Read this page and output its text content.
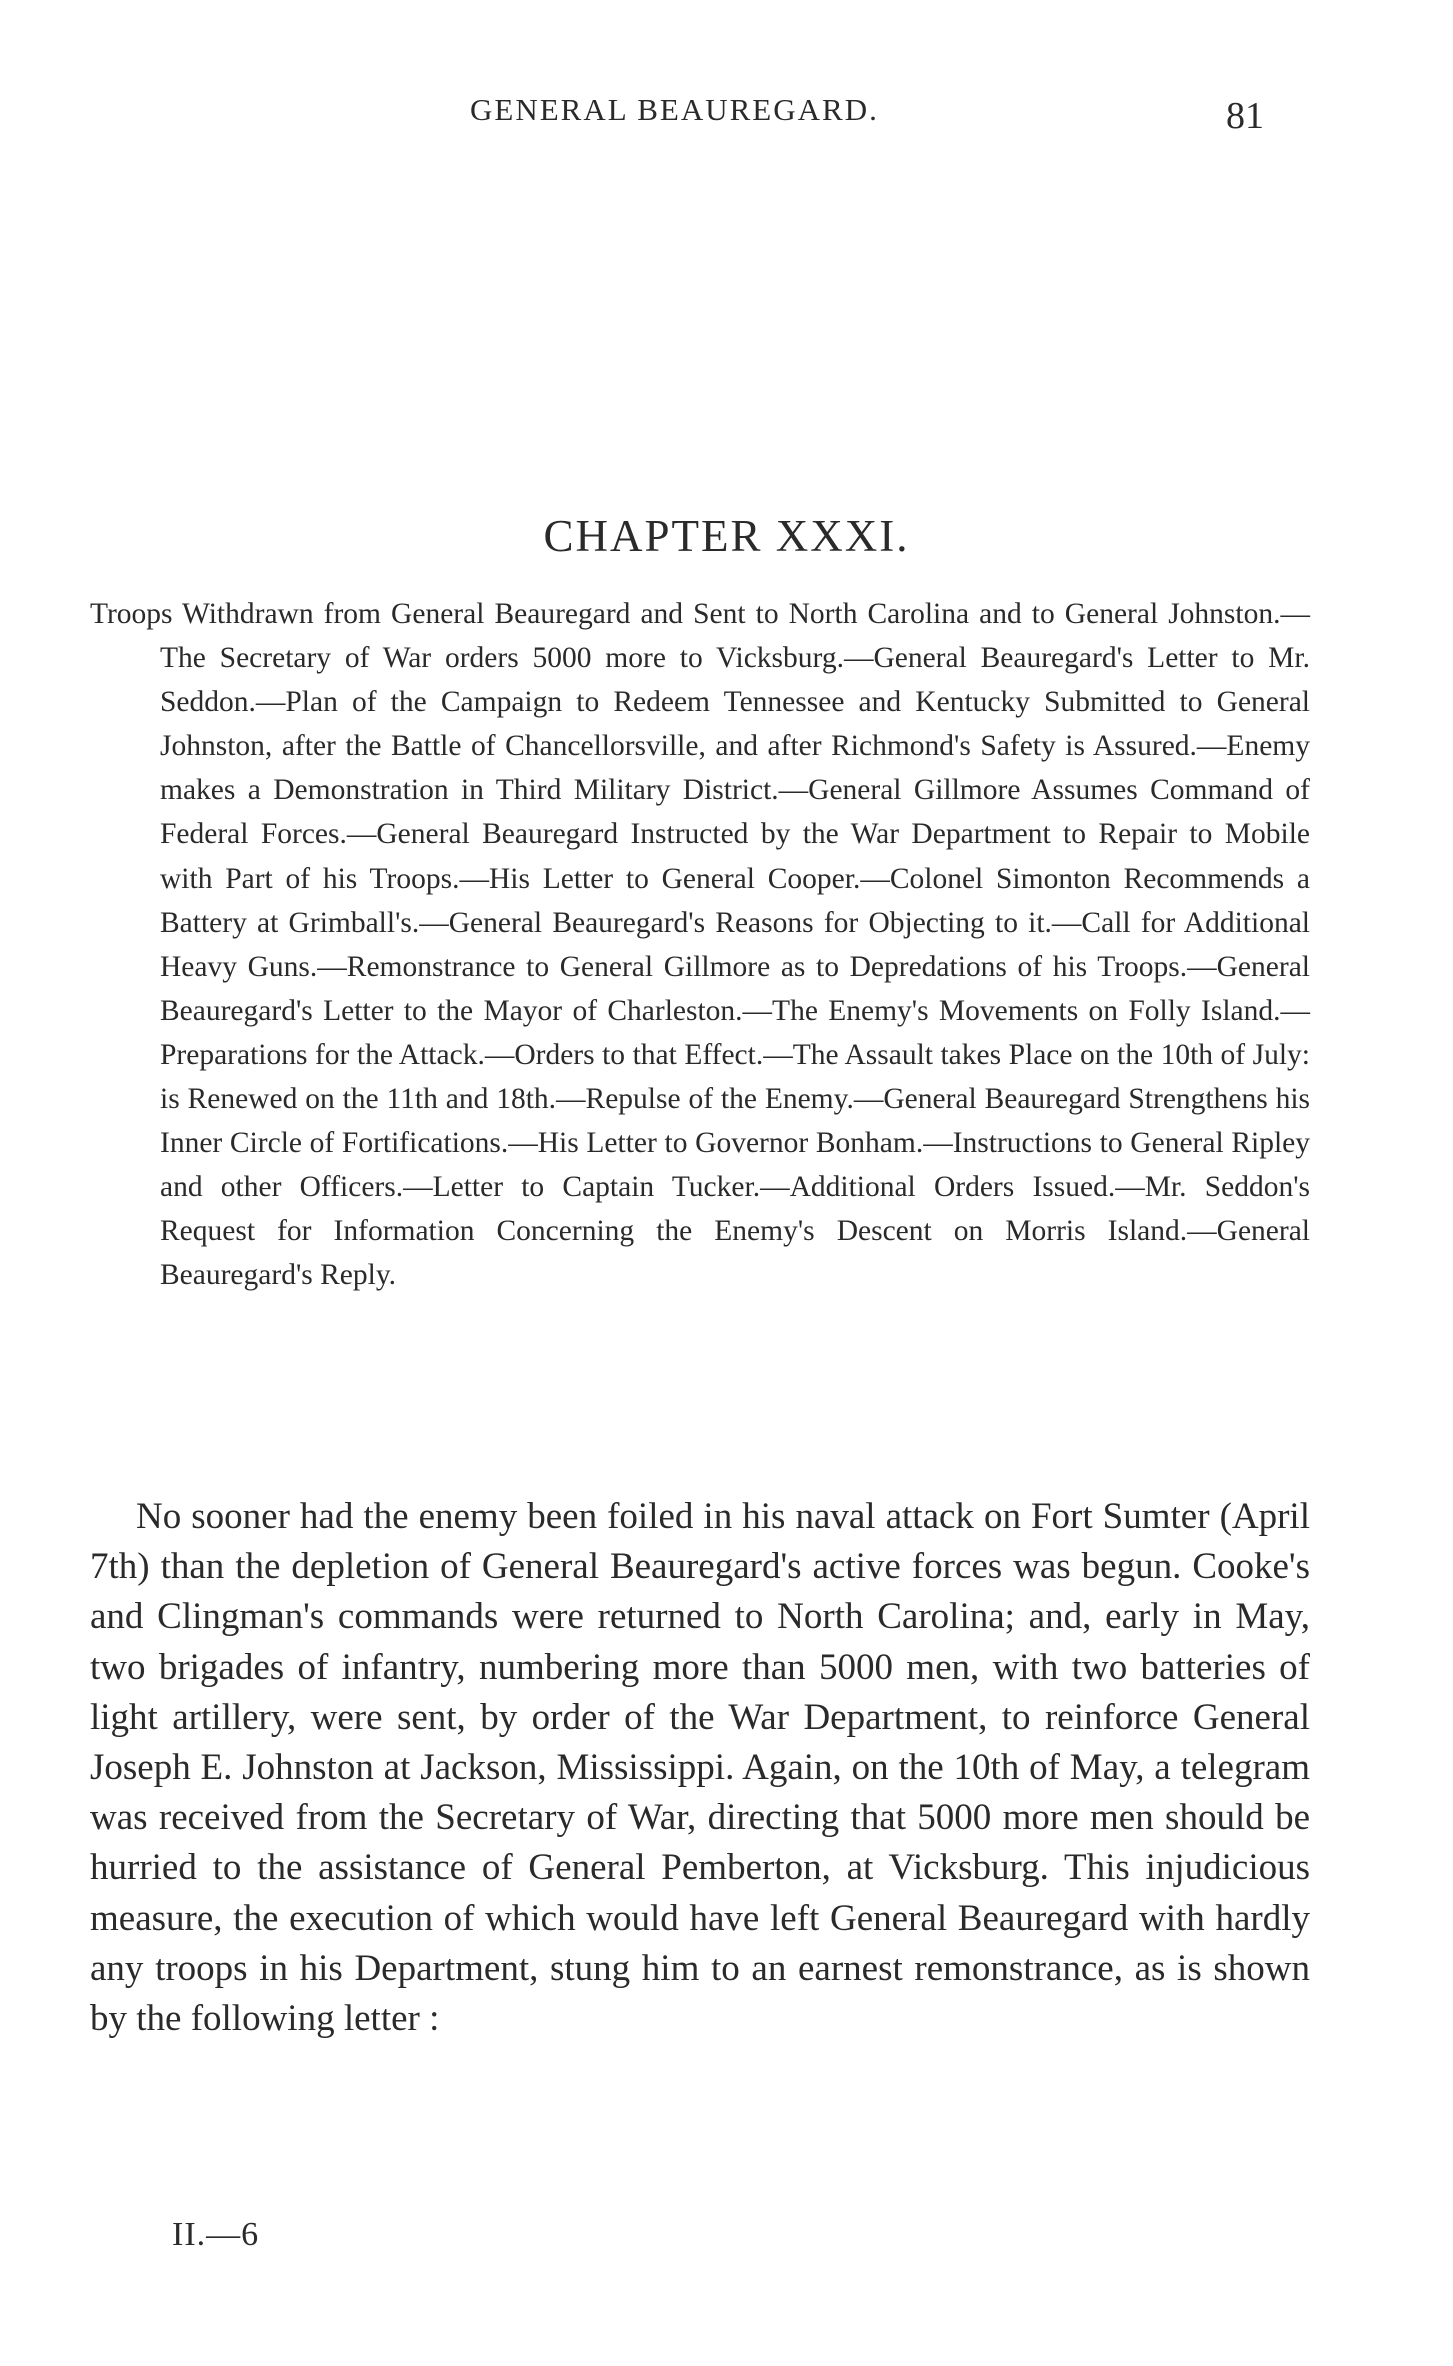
GENERAL BEAUREGARD.	81
CHAPTER XXXI.

Troops Withdrawn from General Beauregard and Sent to North Carolina and to General Johnston.—The Secretary of War orders 5000 more to Vicksburg.—General Beauregard's Letter to Mr. Seddon.—Plan of the Campaign to Redeem Tennessee and Kentucky Submitted to General Johnston, after the Battle of Chancellorsville, and after Richmond's Safety is Assured.—Enemy makes a Demonstration in Third Military District.—General Gillmore Assumes Command of Federal Forces.—General Beauregard Instructed by the War Department to Repair to Mobile with Part of his Troops.—His Letter to General Cooper.—Colonel Simonton Recommends a Battery at Grimball's.—General Beauregard's Reasons for Objecting to it.—Call for Additional Heavy Guns.—Remonstrance to General Gillmore as to Depredations of his Troops.—General Beauregard's Letter to the Mayor of Charleston.—The Enemy's Movements on Folly Island.—Preparations for the Attack.—Orders to that Effect.—The Assault takes Place on the 10th of July: is Renewed on the 11th and 18th.—Repulse of the Enemy.—General Beauregard Strengthens his Inner Circle of Fortifications.—His Letter to Governor Bonham.—Instructions to General Ripley and other Officers.—Letter to Captain Tucker.—Additional Orders Issued.—Mr. Seddon's Request for Information Concerning the Enemy's Descent on Morris Island.—General Beauregard's Reply.

No sooner had the enemy been foiled in his naval attack on Fort Sumter (April 7th) than the depletion of General Beauregard's active forces was begun. Cooke's and Clingman's commands were returned to North Carolina; and, early in May, two brigades of infantry, numbering more than 5000 men, with two batteries of light artillery, were sent, by order of the War Department, to reinforce General Joseph E. Johnston at Jackson, Mississippi. Again, on the 10th of May, a telegram was received from the Secretary of War, directing that 5000 more men should be hurried to the assistance of General Pemberton, at Vicksburg. This injudicious measure, the execution of which would have left General Beauregard with hardly any troops in his Department, stung him to an earnest remonstrance, as is shown by the following letter :

II.—6
